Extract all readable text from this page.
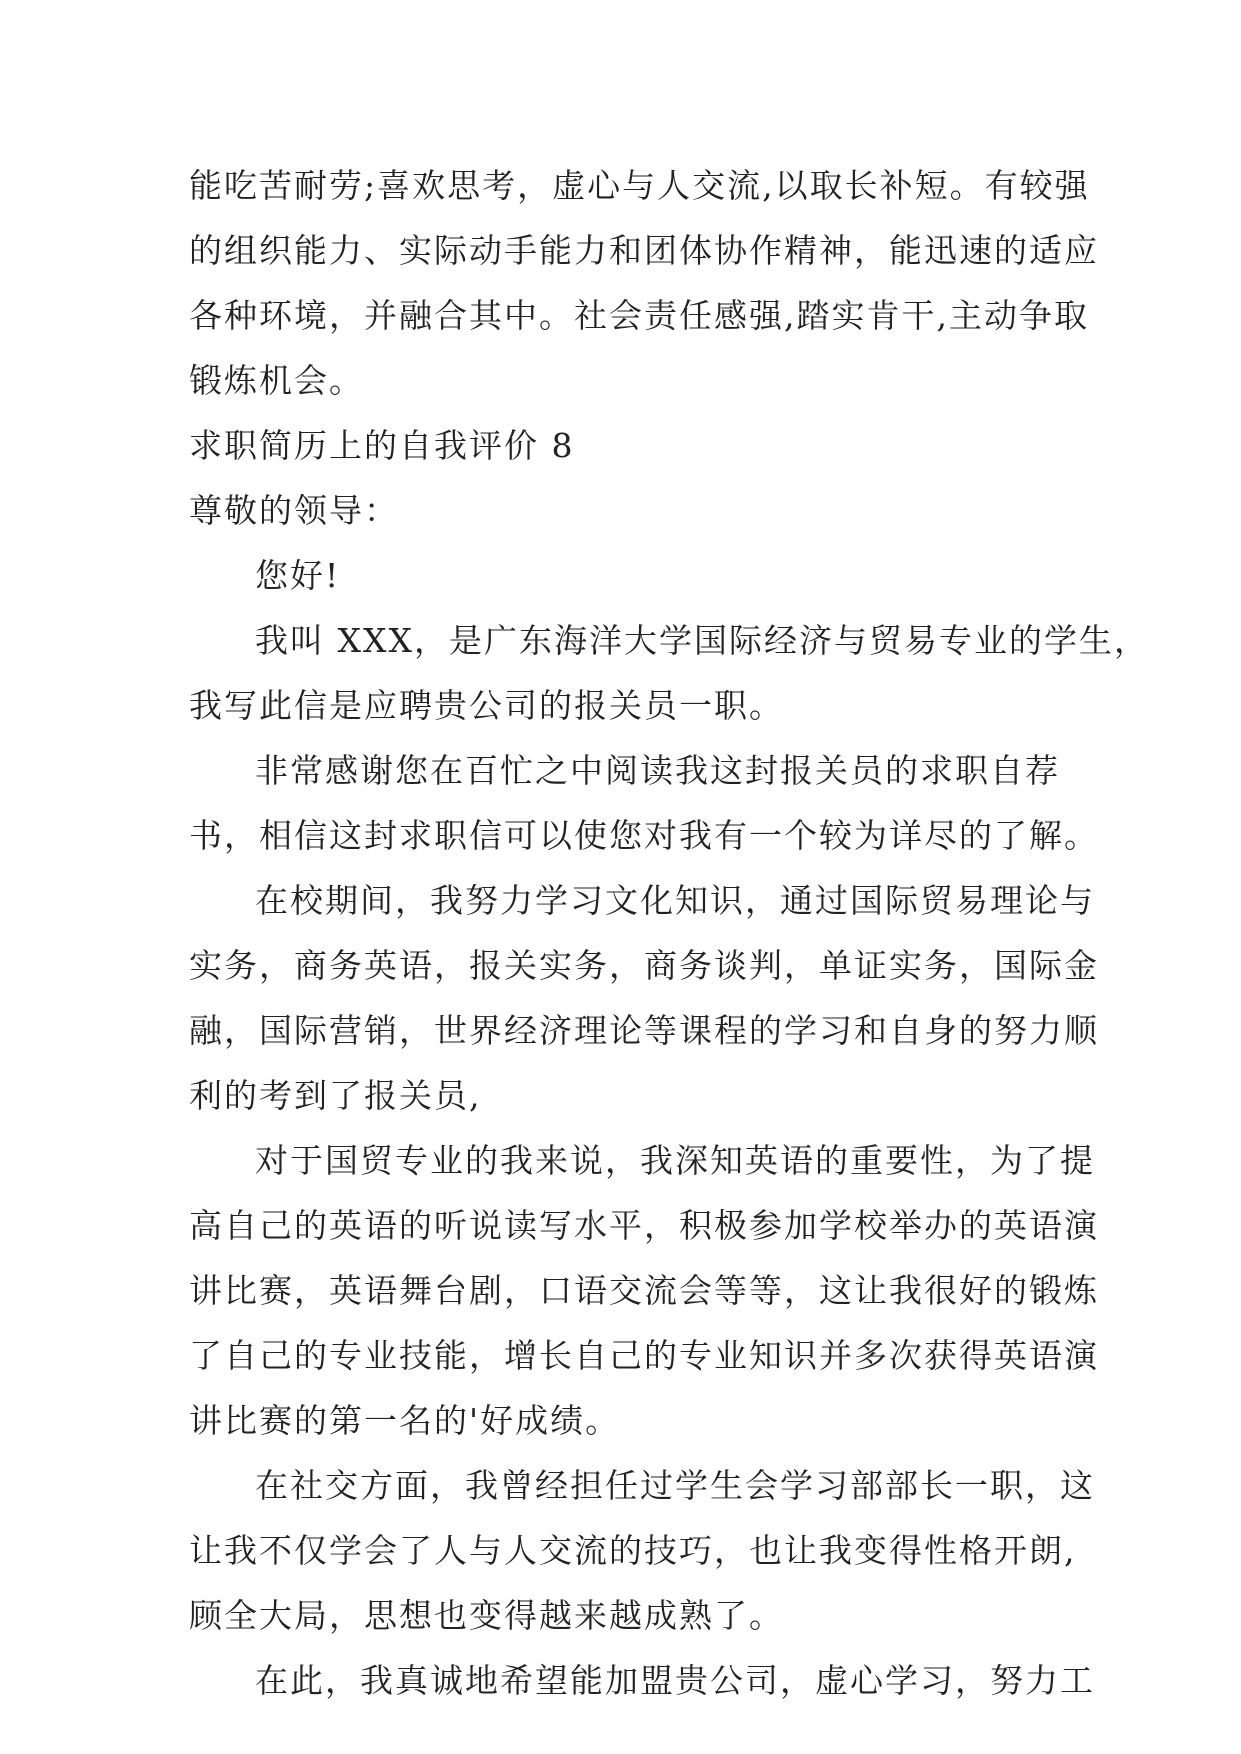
能吃苦耐劳;喜欢思考，虚心与人交流,以取长补短。有较强
的组织能力、实际动手能力和团体协作精神，能迅速的适应
各种环境，并融合其中。社会责任感强,踏实肯干,主动争取
锻炼机会。
求职简历上的自我评价 8
尊敬的领导：
您好!
我叫 XXX，是广东海洋大学国际经济与贸易专业的学生，
我写此信是应聘贵公司的报关员一职。
非常感谢您在百忙之中阅读我这封报关员的求职自荐
书，相信这封求职信可以使您对我有一个较为详尽的了解。
在校期间，我努力学习文化知识，通过国际贸易理论与
实务，商务英语，报关实务，商务谈判，单证实务，国际金
融，国际营销，世界经济理论等课程的学习和自身的努力顺
利的考到了报关员,
对于国贸专业的我来说，我深知英语的重要性，为了提
高自己的英语的听说读写水平，积极参加学校举办的英语演
讲比赛，英语舞台剧，口语交流会等等，这让我很好的锻炼
了自己的专业技能，增长自己的专业知识并多次获得英语演
讲比赛的第一名的'好成绩。
在社交方面，我曾经担任过学生会学习部部长一职，这
让我不仅学会了人与人交流的技巧，也让我变得性格开朗,
顾全大局，思想也变得越来越成熟了。
在此，我真诚地希望能加盟贵公司，虚心学习，努力工
